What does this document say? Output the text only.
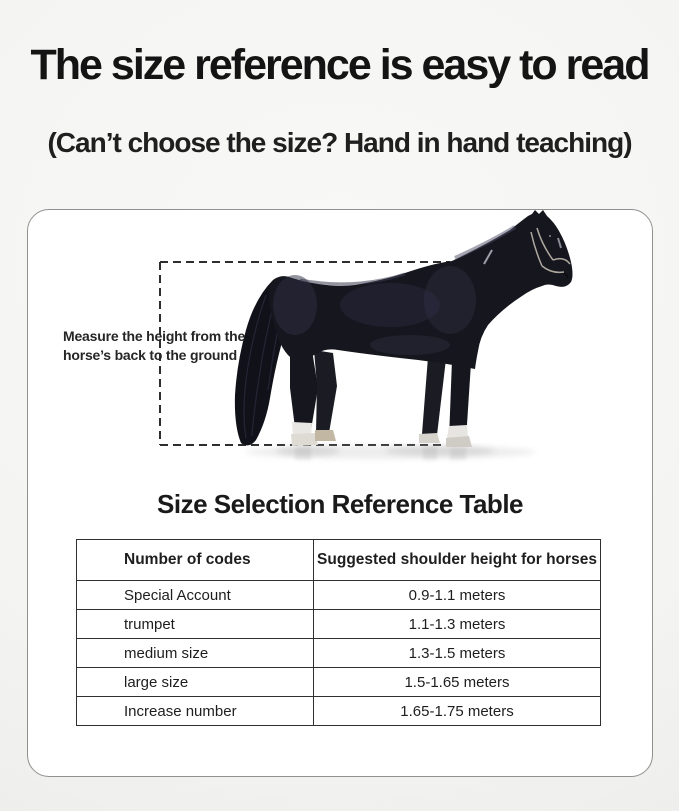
The size reference is easy to read
(Can’t choose the size? Hand in hand teaching)
Measure the height from the
horse’s back to the ground
Size Selection Reference Table
Number of codes	Suggested shoulder height for horses
Special Account	0.9-1.1 meters
trumpet	1.1-1.3 meters
medium size	1.3-1.5 meters
large size	1.5-1.65 meters
Increase number	1.65-1.75 meters
